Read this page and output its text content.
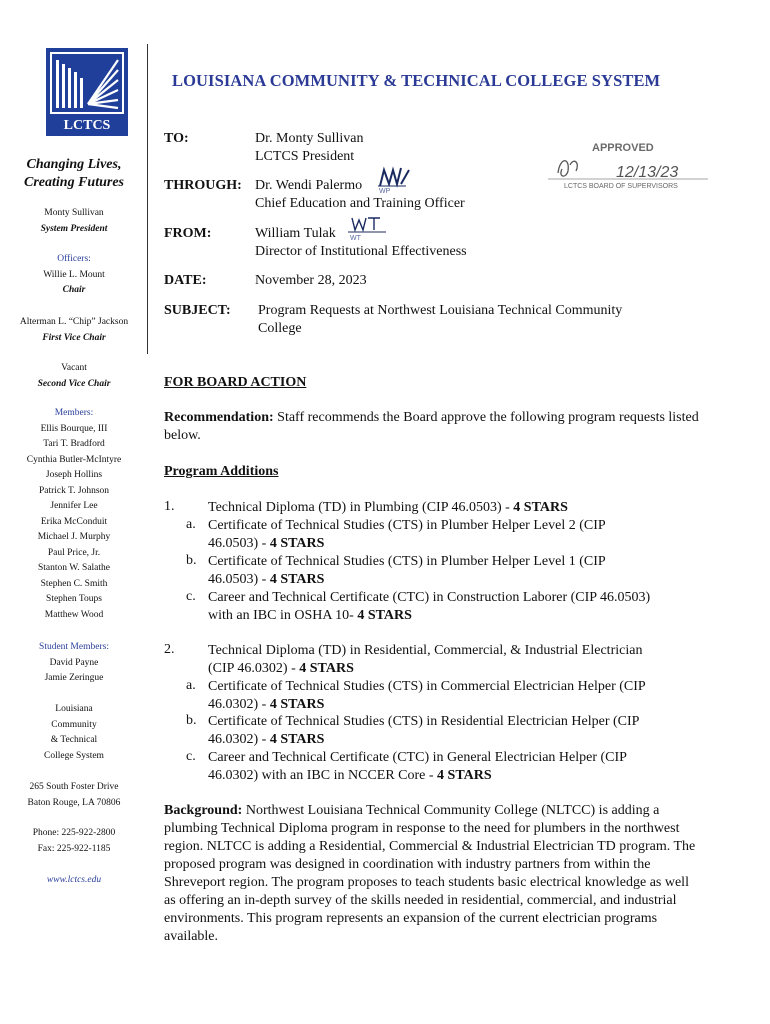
LCTCS
Changing Lives,
Creating Futures
Monty Sullivan
System President
Officers:
Willie L. Mount
Chair
Alterman L. “Chip” Jackson
First Vice Chair
Vacant
Second Vice Chair
Members:
Ellis Bourque, III
Tari T. Bradford
Cynthia Butler-McIntyre
Joseph Hollins
Patrick T. Johnson
Jennifer Lee
Erika McConduit
Michael J. Murphy
Paul Price, Jr.
Stanton W. Salathe
Stephen C. Smith
Stephen Toups
Matthew Wood
Student Members:
David Payne
Jamie Zeringue
Louisiana
Community
& Technical
College System
265 South Foster Drive
Baton Rouge, LA 70806
Phone: 225-922-2800
Fax: 225-922-1185
www.lctcs.edu
LOUISIANA COMMUNITY & TECHNICAL COLLEGE SYSTEM
TO:	Dr. Monty Sullivan
LCTCS President
THROUGH: Dr. Wendi Palermo
Chief Education and Training Officer
WP
FROM:	William Tulak
Director of Institutional Effectiveness
WT
APPROVED
12/13/23
LCTCS BOARD OF SUPERVISORS
DATE:	November 28, 2023
SUBJECT: Program Requests at Northwest Louisiana Technical Community
College
FOR BOARD ACTION
Recommendation: Staff recommends the Board approve the following program requests listed below.
Program Additions
1. Technical Diploma (TD) in Plumbing (CIP 46.0503) - 4 STARS
a. Certificate of Technical Studies (CTS) in Plumber Helper Level 2 (CIP
46.0503) - 4 STARS
b. Certificate of Technical Studies (CTS) in Plumber Helper Level 1 (CIP
46.0503) - 4 STARS
c. Career and Technical Certificate (CTC) in Construction Laborer (CIP 46.0503)
with an IBC in OSHA 10- 4 STARS
2. Technical Diploma (TD) in Residential, Commercial, & Industrial Electrician
(CIP 46.0302) - 4 STARS
a. Certificate of Technical Studies (CTS) in Commercial Electrician Helper (CIP
46.0302) - 4 STARS
b. Certificate of Technical Studies (CTS) in Residential Electrician Helper (CIP
46.0302) - 4 STARS
c. Career and Technical Certificate (CTC) in General Electrician Helper (CIP
46.0302) with an IBC in NCCER Core - 4 STARS
Background: Northwest Louisiana Technical Community College (NLTCC) is adding a plumbing Technical Diploma program in response to the need for plumbers in the northwest region. NLTCC is adding a Residential, Commercial & Industrial Electrician TD program. The proposed program was designed in coordination with industry partners from within the Shreveport region. The program proposes to teach students basic electrical knowledge as well as offering an in-depth survey of the skills needed in residential, commercial, and industrial environments. This program represents an expansion of the current electrician programs available.
